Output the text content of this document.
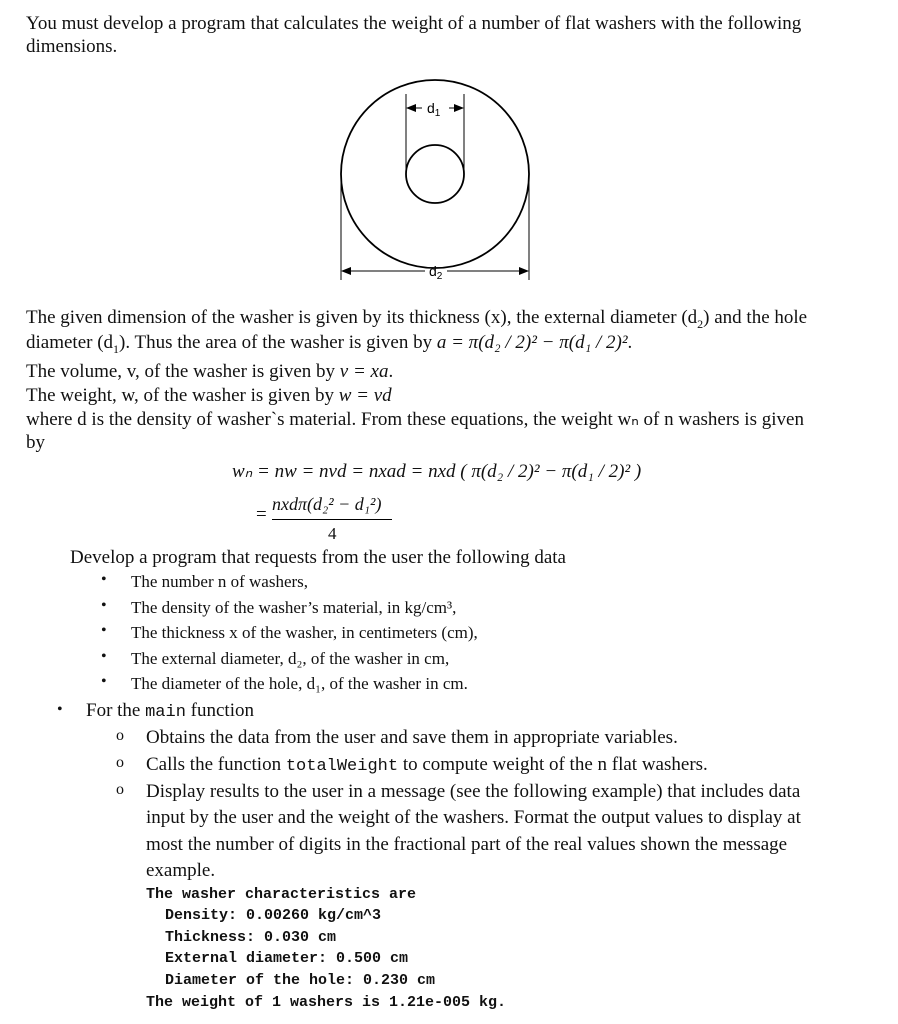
You must develop a program that calculates the weight of a number of flat washers with the following
dimensions.
$d_1$
$d_2$
The given dimension of the washer is given by its thickness (x), the external diameter $(d_2)$ and the hole
diameter $(d_1)$. Thus the area of the washer is given by a = π(d₂ / 2)² − π(d₁ / 2)².
The volume, v, of the washer is given by v = xa.
The weight, w, of the washer is given by w = vd
where d is the density of washer`s material. From these equations, the weight wₙ of n washers is given
by
wₙ = nw = nvd = nxad = nxd ( π(d₂ / 2)² − π(d₁ / 2)² )
= nxdπ(d₂² − d₁²)
4
Develop a program that requests from the user the following data
• The number n of washers,
• The density of the washer’s material, in kg/cm³,
• The thickness x of the washer, in centimeters (cm),
• The external diameter, d₂, of the washer in cm,
• The diameter of the hole, d₁, of the washer in cm.
• For the main function
o Obtains the data from the user and save them in appropriate variables.
o Calls the function totalWeight to compute weight of the n flat washers.
o Display results to the user in a message (see the following example) that includes data
input by the user and the weight of the washers. Format the output values to display at
most the number of digits in the fractional part of the real values shown the message
example.
The washer characteristics are
Density: 0.00260 kg/cm^3
Thickness: 0.030 cm
External diameter: 0.500 cm
Diameter of the hole: 0.230 cm
The weight of 1 washers is 1.21e-005 kg.
